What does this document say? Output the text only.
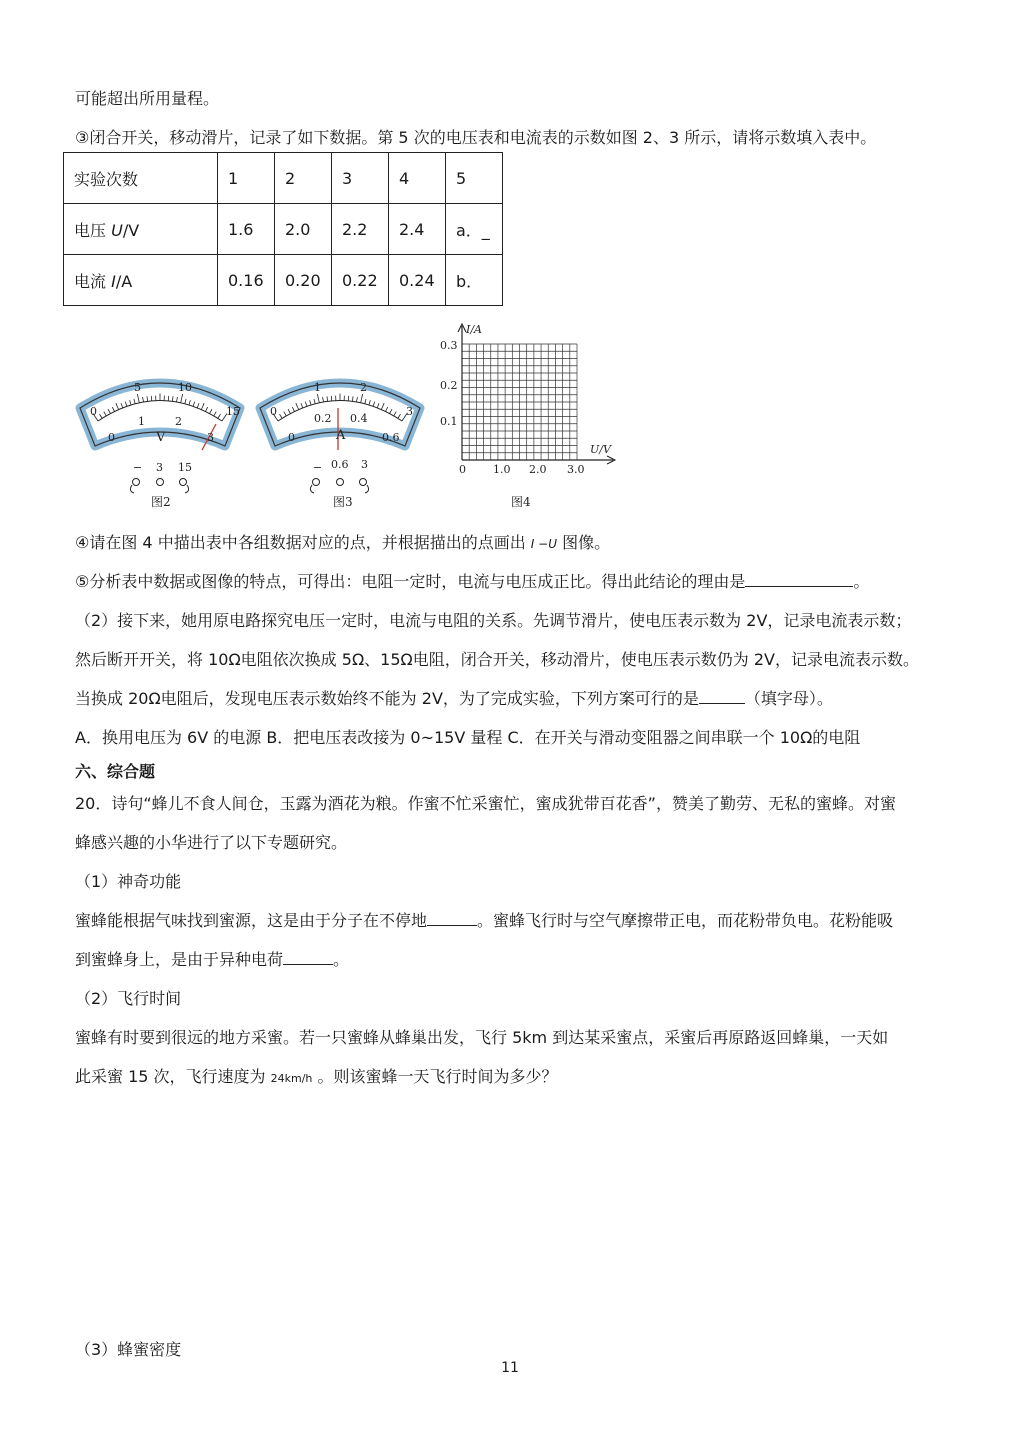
可能超出所用量程。
③闭合开关，移动滑片，记录了如下数据。第 5 次的电压表和电流表的示数如图 2、3 所示，请将示数填入表中。
实验次数	1	2	3	4	5
电压 U/V	1.6	2.0	2.2	2.4	a．_
电流 I/A	0.16	0.20	0.22	0.24	b．
0
5	10
15
0
1	2
3
V
− 3 15
图2
0
1	2
3
0
0.2 0.4
0.6
A
− 0.6 3
图3
I/A
U/V
0.3
0.2
0.1
0 1.0 2.0 3.0
图4
④请在图 4 中描出表中各组数据对应的点，并根据描出的点画出 I −U 图像。
⑤分析表中数据或图像的特点，可得出：电阻一定时，电流与电压成正比。得出此结论的理由是	。
（2）接下来，她用原电路探究电压一定时，电流与电阻的关系。先调节滑片，使电压表示数为 2V，记录电流表示数；
然后断开开关，将 10Ω电阻依次换成 5Ω、15Ω电阻，闭合开关，移动滑片，使电压表示数仍为 2V，记录电流表示数。
当换成 20Ω电阻后，发现电压表示数始终不能为 2V，为了完成实验，下列方案可行的是	（填字母）。
A．换用电压为 6V 的电源 B．把电压表改接为 0~15V 量程 C．在开关与滑动变阻器之间串联一个 10Ω的电阻
六、综合题
20．诗句“蜂儿不食人间仓，玉露为酒花为粮。作蜜不忙采蜜忙，蜜成犹带百花香”，赞美了勤劳、无私的蜜蜂。对蜜
蜂感兴趣的小华进行了以下专题研究。
（1）神奇功能
蜜蜂能根据气味找到蜜源，这是由于分子在不停地	。蜜蜂飞行时与空气摩擦带正电，而花粉带负电。花粉能吸
到蜜蜂身上，是由于异种电荷	。
（2）飞行时间
蜜蜂有时要到很远的地方采蜜。若一只蜜蜂从蜂巢出发，飞行 5km 到达某采蜜点，采蜜后再原路返回蜂巢，一天如
此采蜜 15 次，飞行速度为 24km/h 。则该蜜蜂一天飞行时间为多少？
（3）蜂蜜密度
11
